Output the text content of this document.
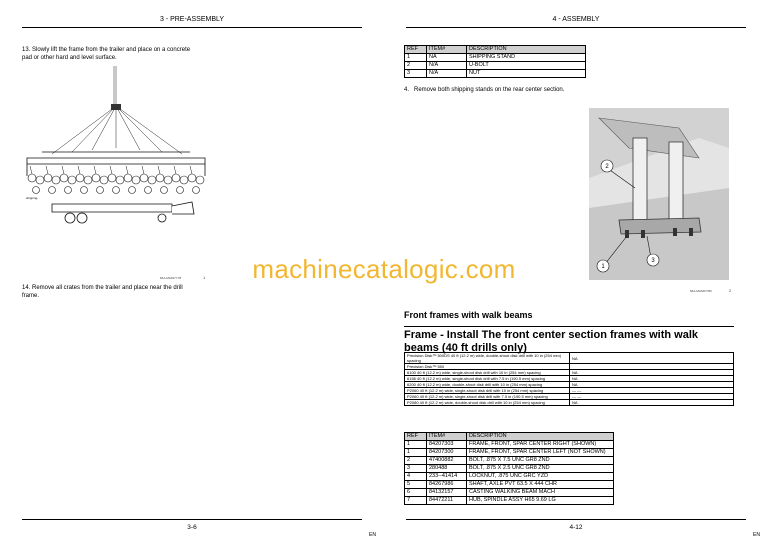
3 - PRE-ASSEMBLY
13. Slowly lift the frame from the trailer and place on a concrete pad or other hard and level surface.
shipping-
84A-M2A67Y78	1
14. Remove all crates from the trailer and place near the drill frame.
3-6
EN
4 - ASSEMBLY
REF	ITEM#	DESCRIPTION
1	NA	SHIPPING STAND
2	N/A	U-BOLT
3	N/A	NUT
4. Remove both shipping stands on the rear center section.
2
1
3
84A-M2A6F7M0	2
Front frames with walk beams
Frame - Install The front center section frames with walk beams (40 ft drills only)
Precision Disk™ 500DS 40 ft (12.2 m) wide, double-shoot disk drill with 10 in (254 mm) spacing	NA
Precision Disk™ 550	
6100 40 ft (12.2 m) wide, single-shoot disk drill with 10 in (254 mm) spacing	NA
6156 40 ft (12.2 m) wide, single-shoot disk drill with 7.5 in (190.5 mm) spacing	NA
6200 40 ft (12.2 m) wide, double-shoot disk drill with 10 in (254 mm) spacing	NA
P2060 40 ft (12.2 m) wide, single-shoot disk drill with 10 in (254 mm) spacing	— —
P2060 40 ft (12.2 m) wide, single-shoot disk drill with 7.5 in (190.5 mm) spacing	— —
P2080 40 ft (12.2 m) wide, double-shoot disk drill with 10 in (254 mm) spacing	NA
REF	ITEM#	DESCRIPTION
1	84207303	FRAME, FRONT, SPAR CENTER RIGHT (SHOWN)
1	84207300	FRAME, FRONT, SPAR CENTER LEFT (NOT SHOWN)
2	47400882	BOLT, .875 X 7.5 UNC GR8 ZND
3	280488	BOLT, .875 X 2.5 UNC GR8 ZND
4	233--41414	LOCKNUT, .875 UNC GRC YZD
5	84267986	SHAFT, AXLE PVT 63.5 X 444 CHR
6	84132157	CASTING WALKING BEAM MACH
7	84472211	HUB, SPINDLE ASSY H65 9.69 LG
4-12
EN
machinecatalogic.com
